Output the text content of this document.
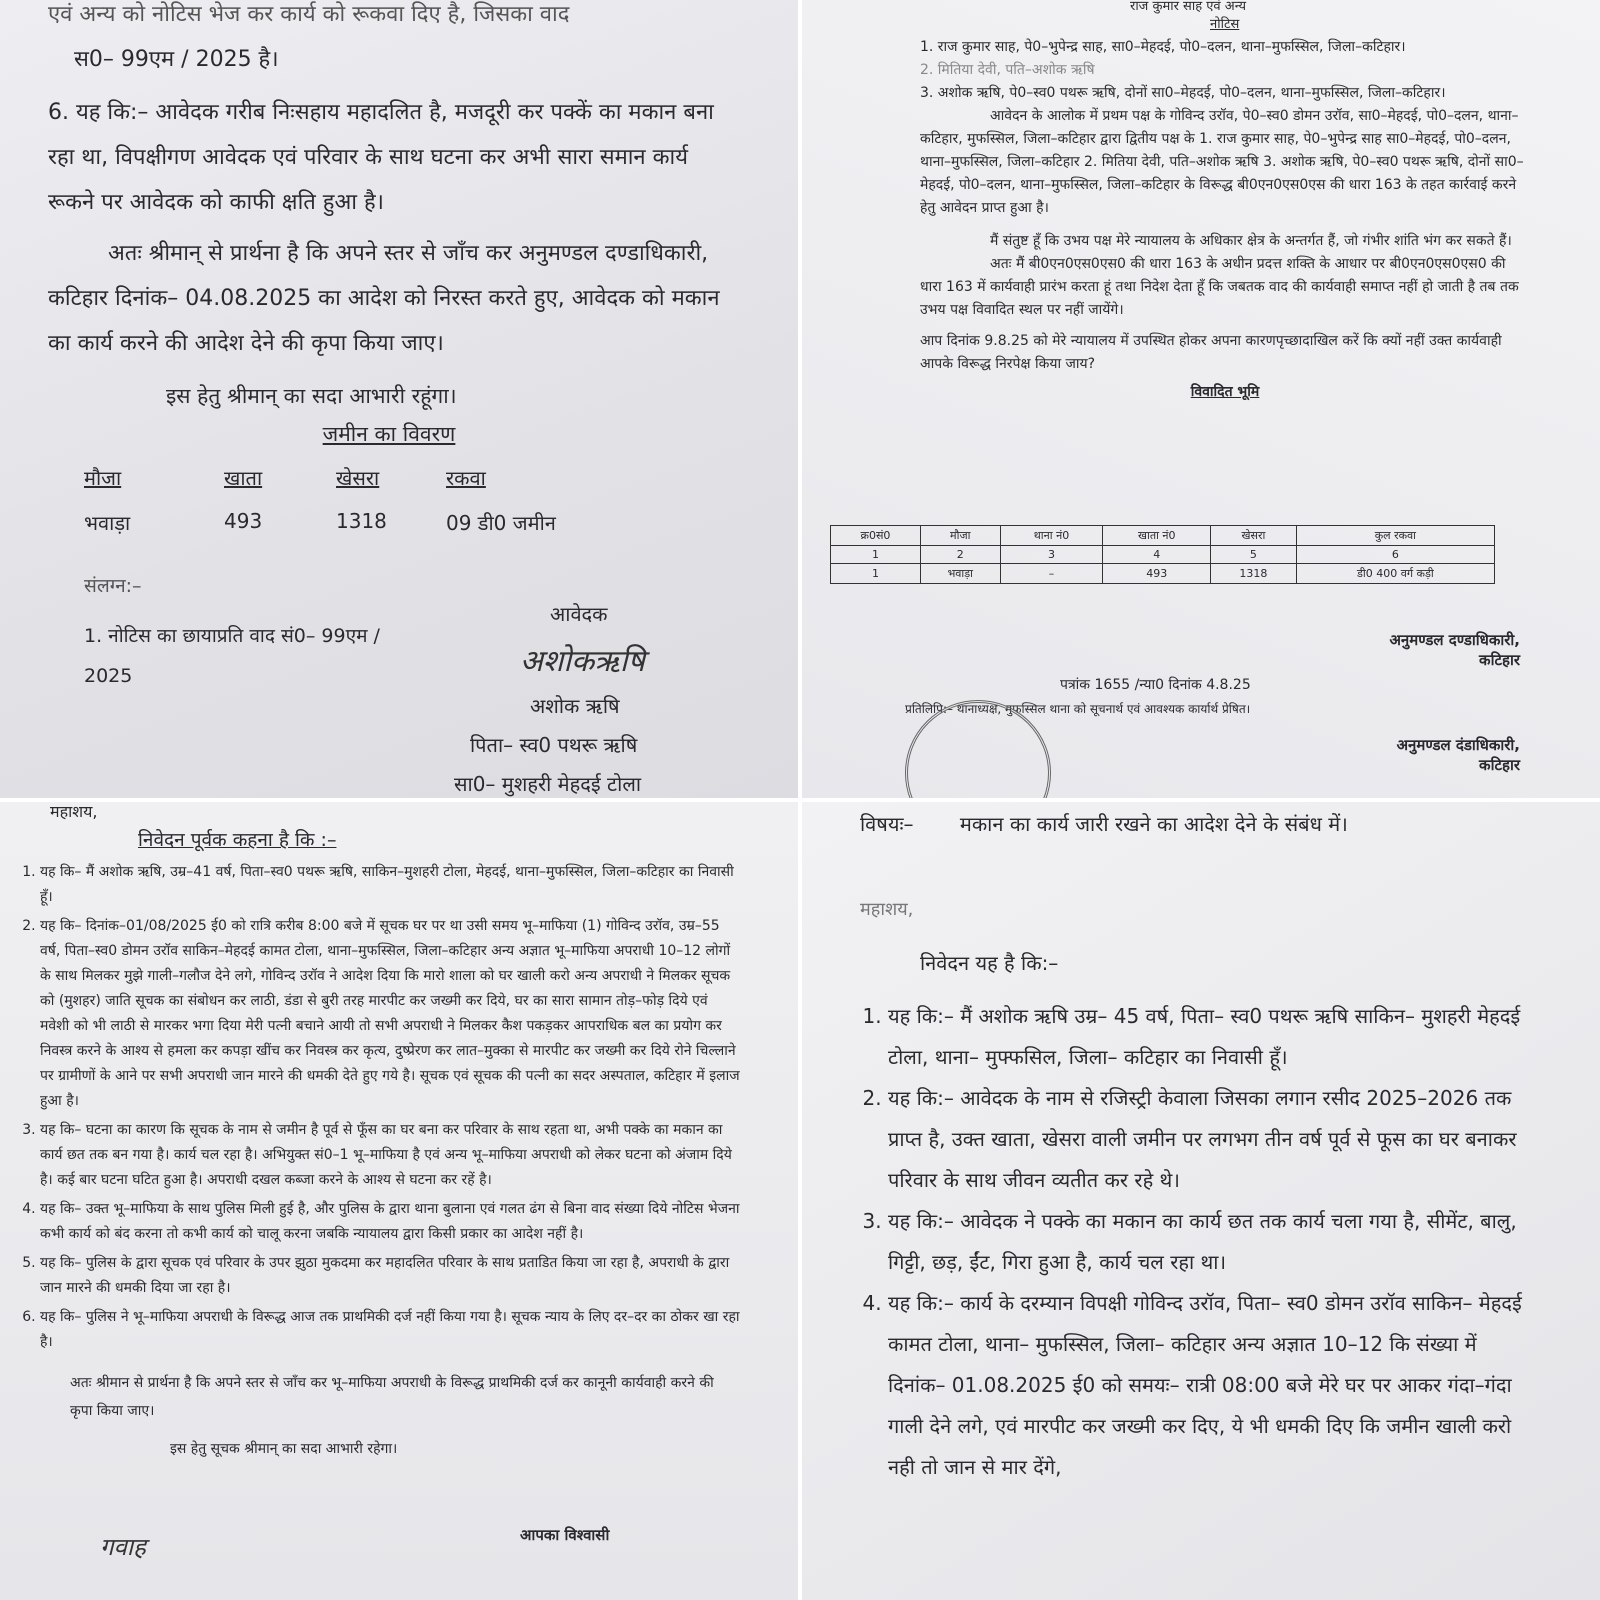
एवं अन्य को नोटिस भेज कर कार्य को रूकवा दिए है, जिसका वाद

स0– 99एम / 2025 है।

6. यह कि:– आवेदक गरीब निःसहाय महादलित है, मजदूरी कर पक्कें का मकान बना रहा था, विपक्षीगण आवेदक एवं परिवार के साथ घटना कर अभी सारा समान कार्य रूकने पर आवेदक को काफी क्षति हुआ है।

अतः श्रीमान् से प्रार्थना है कि अपने स्तर से जाँच कर अनुमण्डल दण्डाधिकारी, कटिहार दिनांक– 04.08.2025 का आदेश को निरस्त करते हुए, आवेदक को मकान का कार्य करने की आदेश देने की कृपा किया जाए।

इस हेतु श्रीमान् का सदा आभारी रहूंगा।

जमीन का विवरण

मौजा	खाता	खेसरा	रकवा
भवाड़ा	493	1318	09 डी0 जमीन

संलग्न:–

1. नोटिस का छायाप्रति वाद सं0– 99एम / 2025

आवेदक
अशोकऋषि
अशोक ऋषि
पिता– स्व0 पथरू ऋषि
सा0– मुशहरी मेहदई टोला

राज कुमार साह एवं अन्य

नोटिस

1. राज कुमार साह, पे0–भुपेन्द्र साह, सा0–मेहदई, पो0–दलन, थाना–मुफस्सिल, जिला–कटिहार।

2. मितिया देवी, पति–अशोक ऋषि

3. अशोक ऋषि, पे0–स्व0 पथरू ऋषि, दोनों सा0–मेहदई, पो0–दलन, थाना–मुफस्सिल, जिला–कटिहार।

आवेदन के आलोक में प्रथम पक्ष के गोविन्द उरॉव, पे0–स्व0 डोमन उरॉव, सा0–मेहदई, पो0–दलन, थाना–कटिहार, मुफस्सिल, जिला–कटिहार द्वारा द्वितीय पक्ष के 1. राज कुमार साह, पे0–भुपेन्द्र साह सा0–मेहदई, पो0–दलन, थाना–मुफस्सिल, जिला–कटिहार 2. मितिया देवी, पति–अशोक ऋषि 3. अशोक ऋषि, पे0–स्व0 पथरू ऋषि, दोनों सा0–मेहदई, पो0–दलन, थाना–मुफस्सिल, जिला–कटिहार के विरूद्ध बी0एन0एस0एस की धारा 163 के तहत कार्रवाई करने हेतु आवेदन प्राप्त हुआ है।

मैं संतुष्ट हूँ कि उभय पक्ष मेरे न्यायालय के अधिकार क्षेत्र के अन्तर्गत हैं, जो गंभीर शांति भंग कर सकते हैं।

अतः मैं बी0एन0एस0एस0 की धारा 163 के अधीन प्रदत्त शक्ति के आधार पर बी0एन0एस0एस0 की धारा 163 में कार्यवाही प्रारंभ करता हूं तथा निदेश देता हूँ कि जबतक वाद की कार्यवाही समाप्त नहीं हो जाती है तब तक उभय पक्ष विवादित स्थल पर नहीं जायेंगे।

आप दिनांक 9.8.25 को मेरे न्यायालय में उपस्थित होकर अपना कारणपृच्छादाखिल करें कि क्यों नहीं उक्त कार्यवाही आपके विरूद्ध निरपेक्ष किया जाय?

विवादित भूमि

क्र0सं0	मौजा	थाना नं0	खाता नं0	खेसरा	कुल रकवा
1	2	3	4	5	6
1	भवाड़ा	–	493	1318	डी0 400 वर्ग कड़ी
अनुमण्डल दण्डाधिकारी,
कटिहार

पत्रांक 1655 /न्या0 दिनांक 4.8.25

प्रतिलिपि:– थानाध्यक्ष, मुफस्सिल थाना को सूचनार्थ एवं आवश्यक कार्यार्थ प्रेषित।

अनुमण्डल दंडाधिकारी,
कटिहार

महाशय,

निवेदन पूर्वक कहना है कि :–

1. यह कि– मैं अशोक ऋषि, उम्र–41 वर्ष, पिता–स्व0 पथरू ऋषि, साकिन–मुशहरी टोला, मेहदई, थाना–मुफस्सिल, जिला–कटिहार का निवासी हूँ।
2. यह कि– दिनांक–01/08/2025 ई0 को रात्रि करीब 8:00 बजे में सूचक घर पर था उसी समय भू–माफिया (1) गोविन्द उरॉव, उम्र–55 वर्ष, पिता–स्व0 डोमन उरॉव साकिन–मेहदई कामत टोला, थाना–मुफस्सिल, जिला–कटिहार अन्य अज्ञात भू–माफिया अपराधी 10–12 लोगों के साथ मिलकर मुझे गाली–गलौज देने लगे, गोविन्द उरॉव ने आदेश दिया कि मारो शाला को घर खाली करो अन्य अपराधी ने मिलकर सूचक को (मुशहर) जाति सूचक का संबोधन कर लाठी, डंडा से बुरी तरह मारपीट कर जख्मी कर दिये, घर का सारा सामान तोड़–फोड़ दिये एवं मवेशी को भी लाठी से मारकर भगा दिया मेरी पत्नी बचाने आयी तो सभी अपराधी ने मिलकर कैश पकड़कर आपराधिक बल का प्रयोग कर निवस्त्र करने के आश्य से हमला कर कपड़ा खींच कर निवस्त्र कर कृत्य, दुष्प्रेरण कर लात–मुक्का से मारपीट कर जख्मी कर दिये रोने चिल्लाने पर ग्रामीणों के आने पर सभी अपराधी जान मारने की धमकी देते हुए गये है। सूचक एवं सूचक की पत्नी का सदर अस्पताल, कटिहार में इलाज हुआ है।
3. यह कि– घटना का कारण कि सूचक के नाम से जमीन है पूर्व से फूँस का घर बना कर परिवार के साथ रहता था, अभी पक्के का मकान का कार्य छत तक बन गया है। कार्य चल रहा है। अभियुक्त सं0–1 भू–माफिया है एवं अन्य भू–माफिया अपराधी को लेकर घटना को अंजाम दिये है। कई बार घटना घटित हुआ है। अपराधी दखल कब्जा करने के आश्य से घटना कर रहें है।
4. यह कि– उक्त भू–माफिया के साथ पुलिस मिली हुई है, और पुलिस के द्वारा थाना बुलाना एवं गलत ढंग से बिना वाद संख्या दिये नोटिस भेजना कभी कार्य को बंद करना तो कभी कार्य को चालू करना जबकि न्यायालय द्वारा किसी प्रकार का आदेश नहीं है।
5. यह कि– पुलिस के द्वारा सूचक एवं परिवार के उपर झुठा मुकदमा कर महादलित परिवार के साथ प्रताडित किया जा रहा है, अपराधी के द्वारा जान मारने की धमकी दिया जा रहा है।
6. यह कि– पुलिस ने भू–माफिया अपराधी के विरूद्ध आज तक प्राथमिकी दर्ज नहीं किया गया है। सूचक न्याय के लिए दर–दर का ठोकर खा रहा है।

अतः श्रीमान से प्रार्थना है कि अपने स्तर से जाँच कर भू–माफिया अपराधी के विरूद्ध प्राथमिकी दर्ज कर कानूनी कार्यवाही करने की कृपा किया जाए।

इस हेतु सूचक श्रीमान् का सदा आभारी रहेगा।

गवाह	आपका विश्वासी

विषयः– मकान का कार्य जारी रखने का आदेश देने के संबंध में।

महाशय,

निवेदन यह है कि:–

1. यह कि:– मैं अशोक ऋषि उम्र– 45 वर्ष, पिता– स्व0 पथरू ऋषि साकिन– मुशहरी मेहदई टोला, थाना– मुफ्फसिल, जिला– कटिहार का निवासी हूँ।
2. यह कि:– आवेदक के नाम से रजिस्ट्री केवाला जिसका लगान रसीद 2025–2026 तक प्राप्त है, उक्त खाता, खेसरा वाली जमीन पर लगभग तीन वर्ष पूर्व से फूस का घर बनाकर परिवार के साथ जीवन व्यतीत कर रहे थे।
3. यह कि:– आवेदक ने पक्के का मकान का कार्य छत तक कार्य चला गया है, सीमेंट, बालु, गिट्टी, छड़, ईंट, गिरा हुआ है, कार्य चल रहा था।
4. यह कि:– कार्य के दरम्यान विपक्षी गोविन्द उरॉव, पिता– स्व0 डोमन उरॉव साकिन– मेहदई कामत टोला, थाना– मुफस्सिल, जिला– कटिहार अन्य अज्ञात 10–12 कि संख्या में दिनांक– 01.08.2025 ई0 को समयः– रात्री 08:00 बजे मेरे घर पर आकर गंदा–गंदा गाली देने लगे, एवं मारपीट कर जख्मी कर दिए, ये भी धमकी दिए कि जमीन खाली करो नही तो जान से मार देंगे,
